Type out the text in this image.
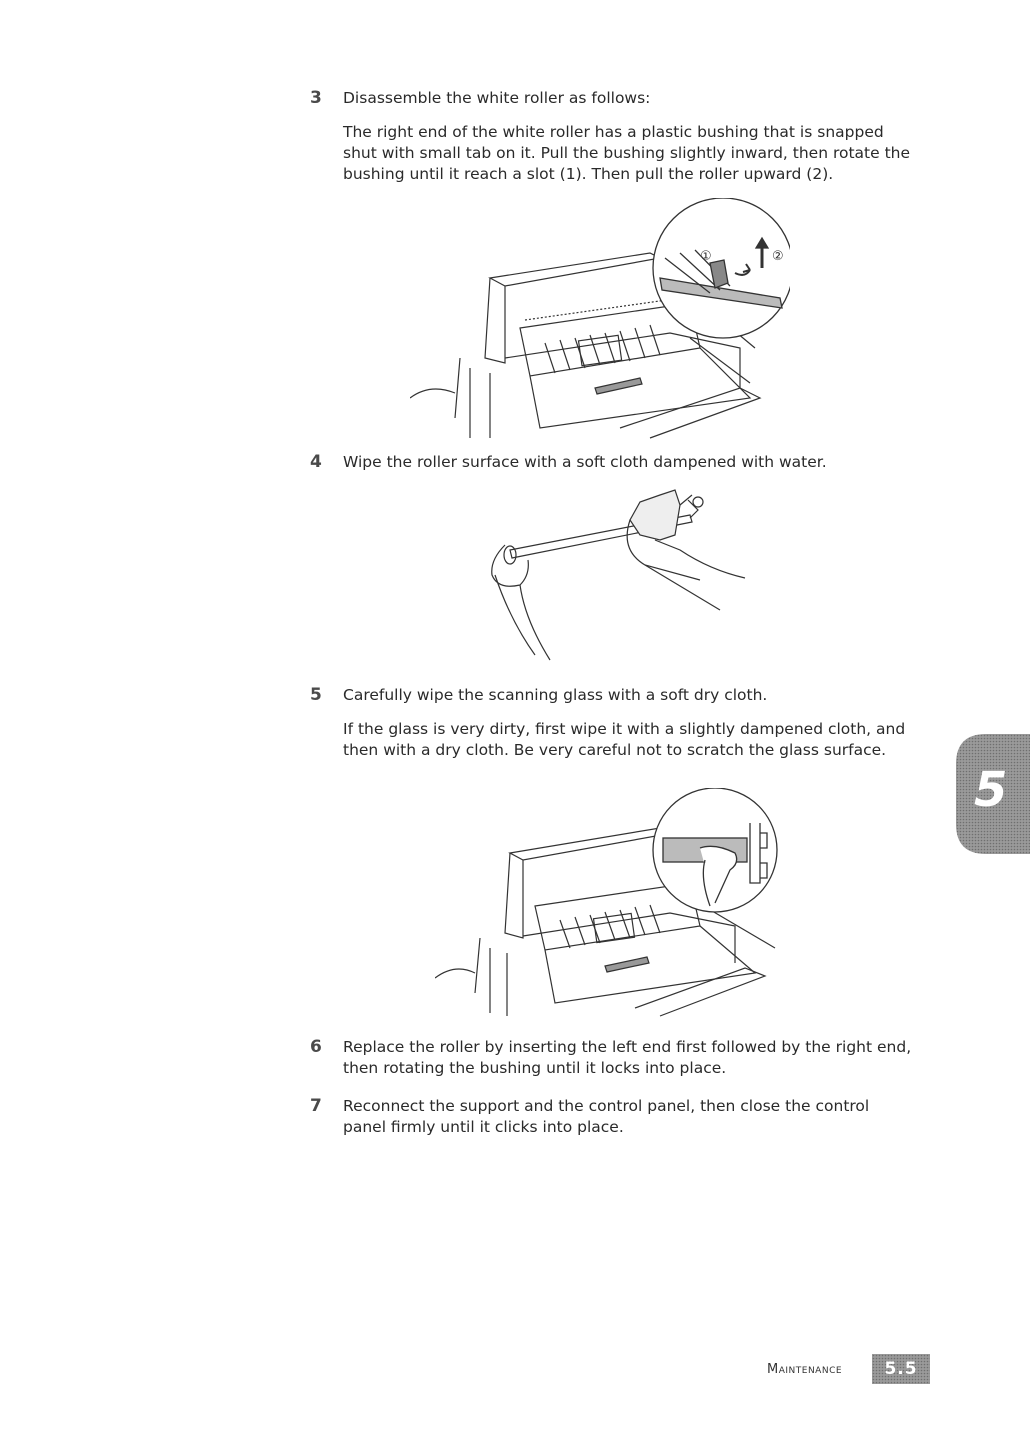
3 Disassemble the white roller as follows:
The right end of the white roller has a plastic bushing that is snapped shut with small tab on it. Pull the bushing slightly inward, then rotate the bushing until it reach a slot (1). Then pull the roller upward (2).
①	②
4 Wipe the roller surface with a soft cloth dampened with water.
5 Carefully wipe the scanning glass with a soft dry cloth.
If the glass is very dirty, first wipe it with a slightly dampened cloth, and then with a dry cloth. Be very careful not to scratch the glass surface.
6 Replace the roller by inserting the left end first followed by the right end, then rotating the bushing until it locks into place.
7 Reconnect the support and the control panel, then close the control panel firmly until it clicks into place.
5
Maintenance	5.5
